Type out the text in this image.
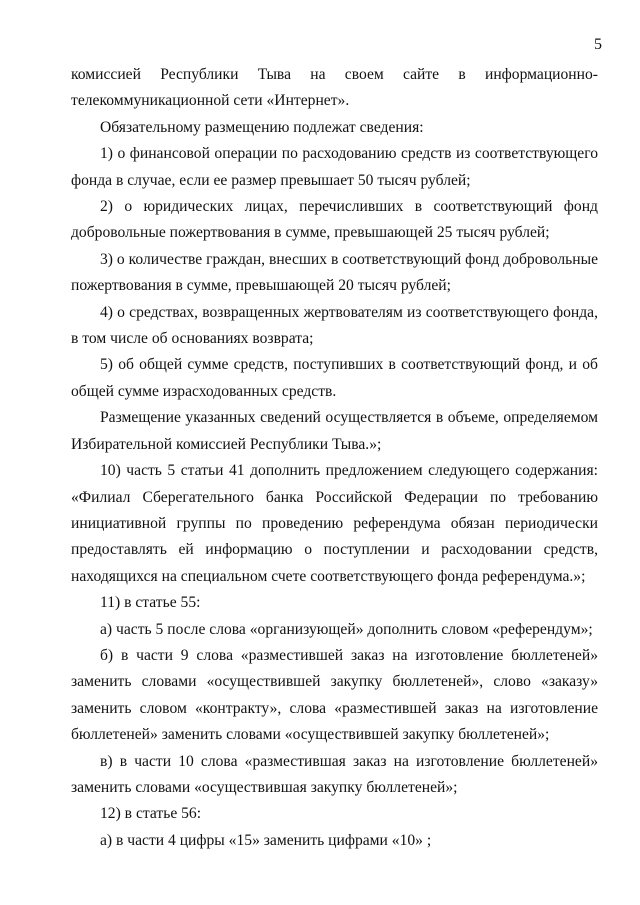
5

комиссией Республики Тыва на своем сайте в информационно-

телекоммуникационной сети «Интернет».

Обязательному размещению подлежат сведения:

1) о финансовой операции по расходованию средств из соответствующего фонда в случае, если ее размер превышает 50 тысяч рублей;

2) о юридических лицах, перечисливших в соответствующий фонд добровольные пожертвования в сумме, превышающей 25 тысяч рублей;

3) о количестве граждан, внесших в соответствующий фонд добровольные пожертвования в сумме, превышающей 20 тысяч рублей;

4) о средствах, возвращенных жертвователям из соответствующего фонда, в том числе об основаниях возврата;

5) об общей сумме средств, поступивших в соответствующий фонд, и об общей сумме израсходованных средств.

Размещение указанных сведений осуществляется в объеме, определяемом Избирательной комиссией Республики Тыва.»;

10) часть 5 статьи 41 дополнить предложением следующего содержания: «Филиал Сберегательного банка Российской Федерации по требованию инициативной группы по проведению референдума обязан периодически предоставлять ей информацию о поступлении и расходовании средств, находящихся на специальном счете соответствующего фонда референдума.»;

11) в статье 55:

а) часть 5 после слова «организующей» дополнить словом «референдум»;

б) в части 9 слова «разместившей заказ на изготовление бюллетеней» заменить словами «осуществившей закупку бюллетеней», слово «заказу» заменить словом «контракту», слова «разместившей заказ на изготовление бюллетеней» заменить словами «осуществившей закупку бюллетеней»;

в) в части 10 слова «разместившая заказ на изготовление бюллетеней» заменить словами «осуществившая закупку бюллетеней»;

12) в статье 56:

а) в части 4 цифры «15» заменить цифрами «10» ;
